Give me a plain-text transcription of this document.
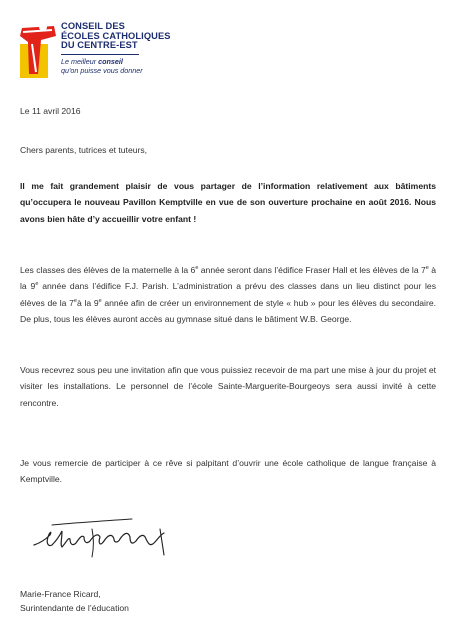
CONSEIL DES
ÉCOLES CATHOLIQUES
DU CENTRE-EST
Le meilleur conseil
qu'on puisse vous donner
Le 11 avril 2016
Chers parents, tutrices et tuteurs,
Il me fait grandement plaisir de vous partager de l’information relativement aux bâtiments qu’occupera le nouveau Pavillon Kemptville en vue de son ouverture prochaine en août 2016. Nous avons bien hâte d’y accueillir votre enfant !
Les classes des élèves de la maternelle à la 6e année seront dans l’édifice Fraser Hall et les élèves de la 7e à la 9e année dans l’édifice F.J. Parish. L’administration a prévu des classes dans un lieu distinct pour les élèves de la 7eà la 9e année afin de créer un environnement de style « hub » pour les élèves du secondaire. De plus, tous les élèves auront accès au gymnase situé dans le bâtiment W.B. George.
Vous recevrez sous peu une invitation afin que vous puissiez recevoir de ma part une mise à jour du projet et visiter les installations. Le personnel de l’école Sainte-Marguerite-Bourgeoys sera aussi invité à cette rencontre.
Je vous remercie de participer à ce rêve si palpitant d’ouvrir une école catholique de langue française à Kemptville.
Marie-France Ricard,
Surintendante de l’éducation
